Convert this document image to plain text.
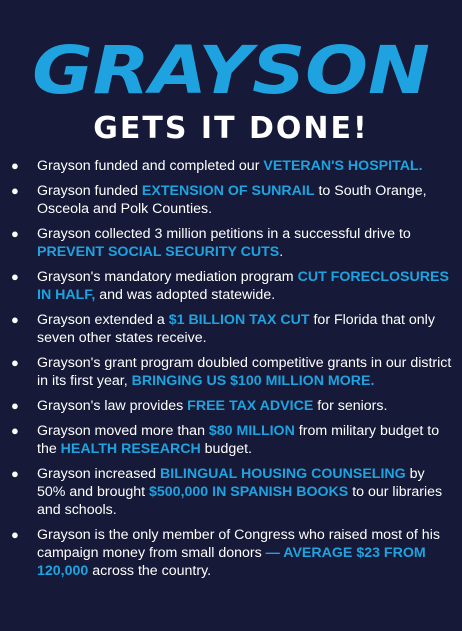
GRAYSON
GETS IT DONE!
● Grayson funded and completed our VETERAN'S HOSPITAL.
● Grayson funded EXTENSION OF SUNRAIL to South Orange, Osceola and Polk Counties.
● Grayson collected 3 million petitions in a successful drive to PREVENT SOCIAL SECURITY CUTS.
● Grayson's mandatory mediation program CUT FORECLOSURES IN HALF, and was adopted statewide.
● Grayson extended a $1 BILLION TAX CUT for Florida that only seven other states receive.
● Grayson's grant program doubled competitive grants in our district in its first year, BRINGING US $100 MILLION MORE.
● Grayson's law provides FREE TAX ADVICE for seniors.
● Grayson moved more than $80 MILLION from military budget to the HEALTH RESEARCH budget.
● Grayson increased BILINGUAL HOUSING COUNSELING by 50% and brought $500,000 IN SPANISH BOOKS to our libraries and schools.
● Grayson is the only member of Congress who raised most of his campaign money from small donors — AVERAGE $23 FROM 120,000 across the country.
